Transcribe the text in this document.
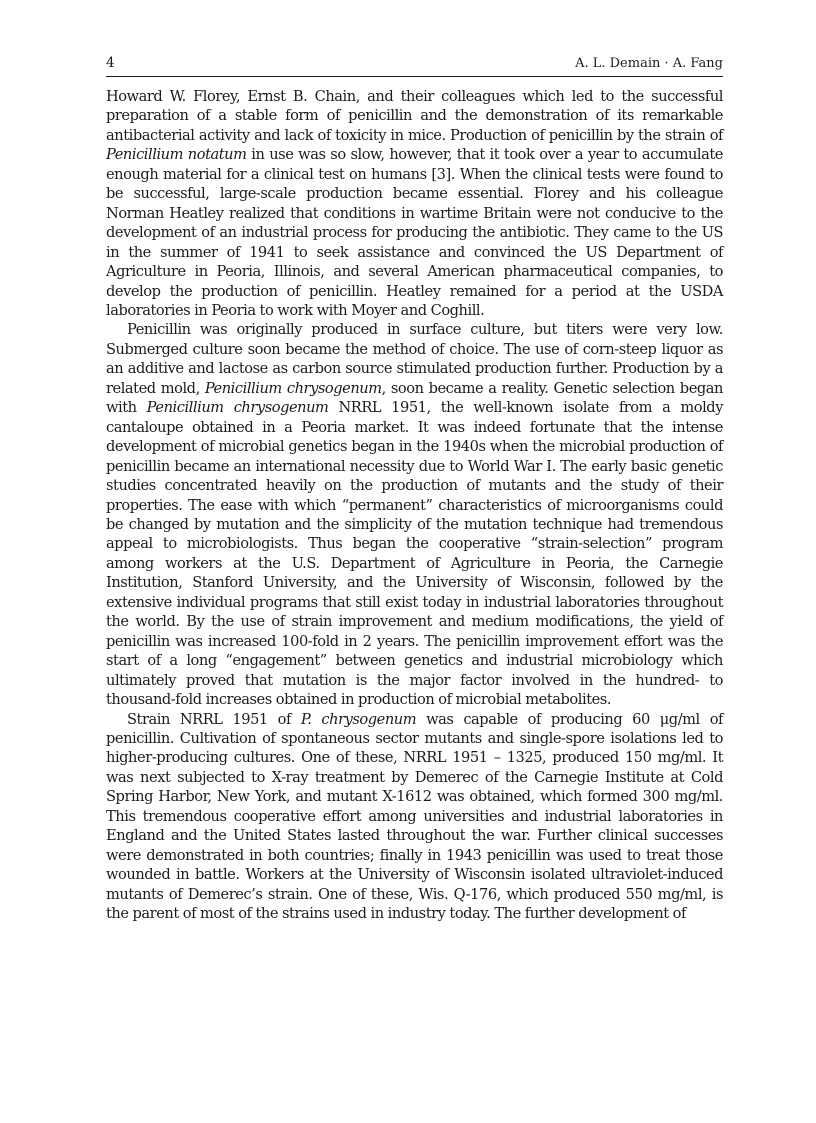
4	A. L. Demain · A. Fang

Howard W. Florey, Ernst B. Chain, and their colleagues which led to the successful preparation of a stable form of penicillin and the demonstration of its remarkable antibacterial activity and lack of toxicity in mice. Production of penicillin by the strain of Penicillium notatum in use was so slow, however, that it took over a year to accumulate enough material for a clinical test on humans [3]. When the clinical tests were found to be successful, large-scale production became essential. Florey and his colleague Norman Heatley realized that conditions in wartime Britain were not conducive to the development of an industrial process for producing the antibiotic. They came to the US in the summer of 1941 to seek assistance and convinced the US Department of Agriculture in Peoria, Illinois, and several American pharmaceutical companies, to develop the production of penicillin. Heatley remained for a period at the USDA laboratories in Peoria to work with Moyer and Coghill.

Penicillin was originally produced in surface culture, but titers were very low. Submerged culture soon became the method of choice. The use of corn-steep liquor as an additive and lactose as carbon source stimulated production further. Production by a related mold, Penicillium chrysogenum, soon became a reality. Genetic selection began with Penicillium chrysogenum NRRL 1951, the well-known isolate from a moldy cantaloupe obtained in a Peoria market. It was indeed fortunate that the intense development of microbial genetics began in the 1940s when the microbial production of penicillin became an international necessity due to World War I. The early basic genetic studies concentrated heavily on the production of mutants and the study of their properties. The ease with which “permanent” characteristics of microorganisms could be changed by mutation and the simplicity of the mutation technique had tremendous appeal to microbiologists. Thus began the cooperative “strain-selection” program among workers at the U.S. Department of Agriculture in Peoria, the Carnegie Institution, Stanford University, and the University of Wisconsin, followed by the extensive individual programs that still exist today in industrial laboratories throughout the world. By the use of strain improvement and medium modifications, the yield of penicillin was increased 100-fold in 2 years. The penicillin improvement effort was the start of a long “engagement” between genetics and industrial microbiology which ultimately proved that mutation is the major factor involved in the hundred- to thousand-fold increases obtained in production of microbial metabolites.

Strain NRRL 1951 of P. chrysogenum was capable of producing 60 μg/ml of penicillin. Cultivation of spontaneous sector mutants and single-spore isolations led to higher-producing cultures. One of these, NRRL 1951 – 1325, produced 150 mg/ml. It was next subjected to X-ray treatment by Demerec of the Carnegie Institute at Cold Spring Harbor, New York, and mutant X-1612 was obtained, which formed 300 mg/ml. This tremendous cooperative effort among universities and industrial laboratories in England and the United States lasted throughout the war. Further clinical successes were demonstrated in both countries; finally in 1943 penicillin was used to treat those wounded in battle. Workers at the University of Wisconsin isolated ultraviolet-induced mutants of Demerec’s strain. One of these, Wis. Q-176, which produced 550 mg/ml, is the parent of most of the strains used in industry today. The further development of
